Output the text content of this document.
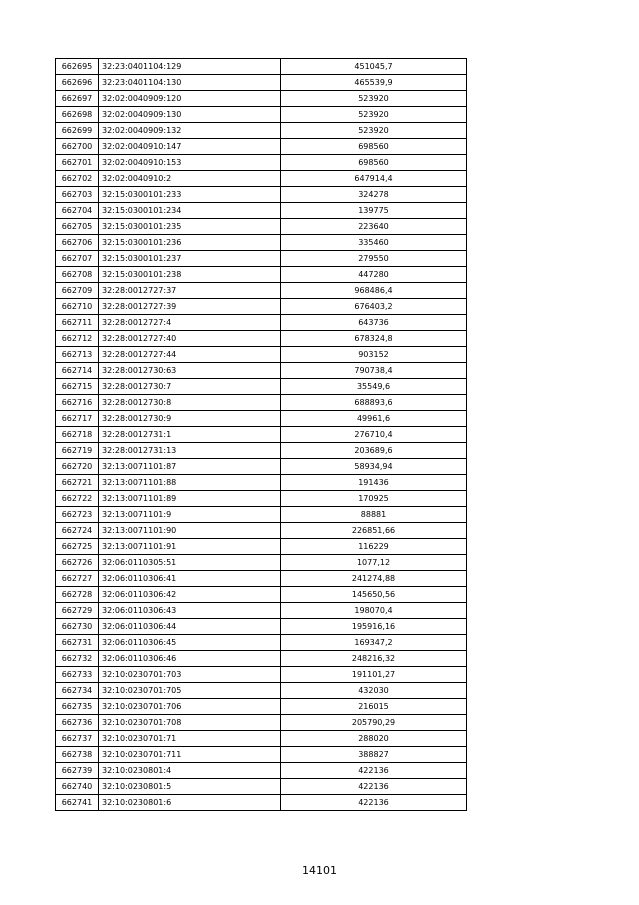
662695	32:23:0401104:129	451045,7
662696	32:23:0401104:130	465539,9
662697	32:02:0040909:120	523920
662698	32:02:0040909:130	523920
662699	32:02:0040909:132	523920
662700	32:02:0040910:147	698560
662701	32:02:0040910:153	698560
662702	32:02:0040910:2	647914,4
662703	32:15:0300101:233	324278
662704	32:15:0300101:234	139775
662705	32:15:0300101:235	223640
662706	32:15:0300101:236	335460
662707	32:15:0300101:237	279550
662708	32:15:0300101:238	447280
662709	32:28:0012727:37	968486,4
662710	32:28:0012727:39	676403,2
662711	32:28:0012727:4	643736
662712	32:28:0012727:40	678324,8
662713	32:28:0012727:44	903152
662714	32:28:0012730:63	790738,4
662715	32:28:0012730:7	35549,6
662716	32:28:0012730:8	688893,6
662717	32:28:0012730:9	49961,6
662718	32:28:0012731:1	276710,4
662719	32:28:0012731:13	203689,6
662720	32:13:0071101:87	58934,94
662721	32:13:0071101:88	191436
662722	32:13:0071101:89	170925
662723	32:13:0071101:9	88881
662724	32:13:0071101:90	226851,66
662725	32:13:0071101:91	116229
662726	32:06:0110305:51	1077,12
662727	32:06:0110306:41	241274,88
662728	32:06:0110306:42	145650,56
662729	32:06:0110306:43	198070,4
662730	32:06:0110306:44	195916,16
662731	32:06:0110306:45	169347,2
662732	32:06:0110306:46	248216,32
662733	32:10:0230701:703	191101,27
662734	32:10:0230701:705	432030
662735	32:10:0230701:706	216015
662736	32:10:0230701:708	205790,29
662737	32:10:0230701:71	288020
662738	32:10:0230701:711	388827
662739	32:10:0230801:4	422136
662740	32:10:0230801:5	422136
662741	32:10:0230801:6	422136
14101
